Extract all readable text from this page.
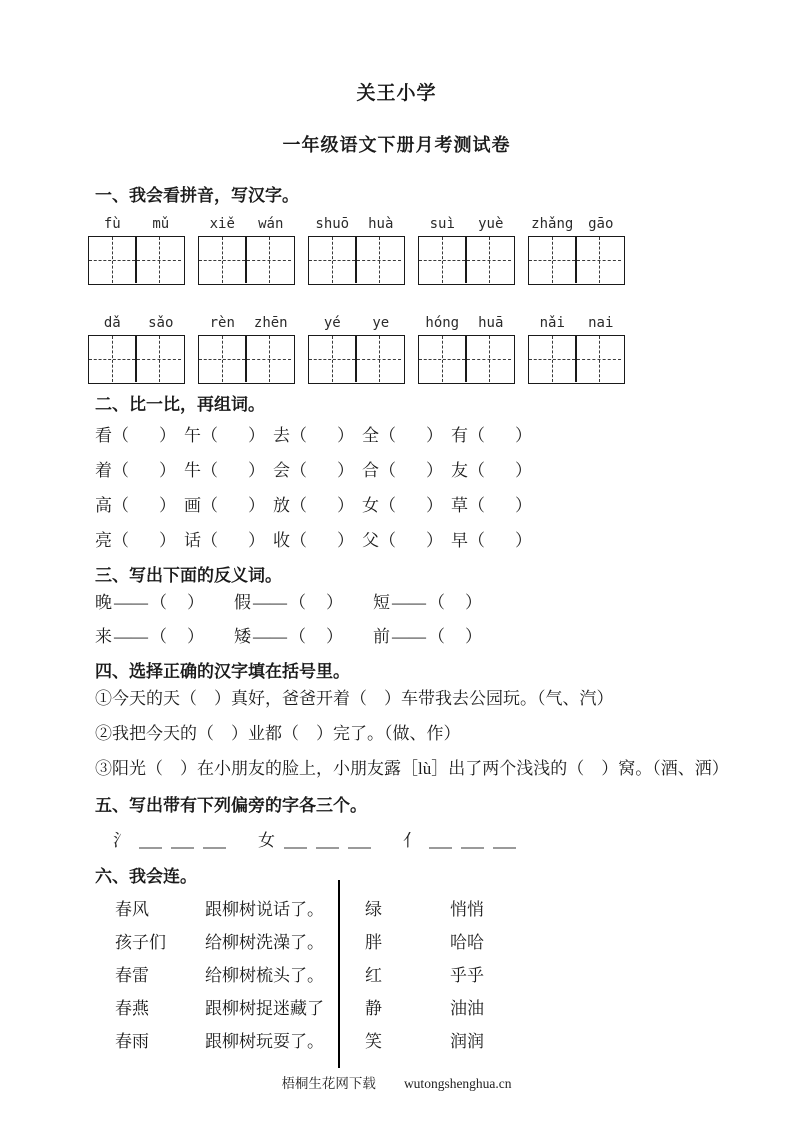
关王小学
一年级语文下册月考测试卷
一、我会看拼音，写汉字。
fù	mǔ	xiě	wán	shuō	huà	suì	yuè	zhǎng	gāo
dǎ	sǎo	rèn	zhēn	yé	ye	hóng	huā	nǎi	nai
二、比一比，再组词。
看 （ ） 午 （ ） 去 （ ） 全 （ ） 有 （ ）
着 （ ） 牛 （ ） 会 （ ） 合 （ ） 友 （ ）
高 （ ） 画 （ ） 放 （ ） 女 （ ） 草 （ ）
亮 （ ） 话 （ ） 收 （ ） 父 （ ） 早 （ ）
三、写出下面的反义词。
晚 —— （ ） 假 —— （ ） 短 —— （ ）
来 —— （ ） 矮 —— （ ） 前 —— （ ）
四、选择正确的汉字填在括号里。

①今天的天（　）真好，爸爸开着（　）车带我去公园玩。（气、汽）

②我把今天的（　）业都（　）完了。（做、作）

③阳光（　）在小朋友的脸上，小朋友露［lù］出了两个浅浅的（　）窝。（酒、洒）

五、写出带有下列偏旁的字各三个。
氵	女	亻
六、我会连。
春风	跟柳树说话了。
孩子们	给柳树洗澡了。
春雷	给柳树梳头了。
春燕	跟柳树捉迷藏了
春雨	跟柳树玩耍了。
绿	悄悄
胖	哈哈
红	乎乎
静	油油
笑	润润
梧桐生花网下载 wutongshenghua.cn
